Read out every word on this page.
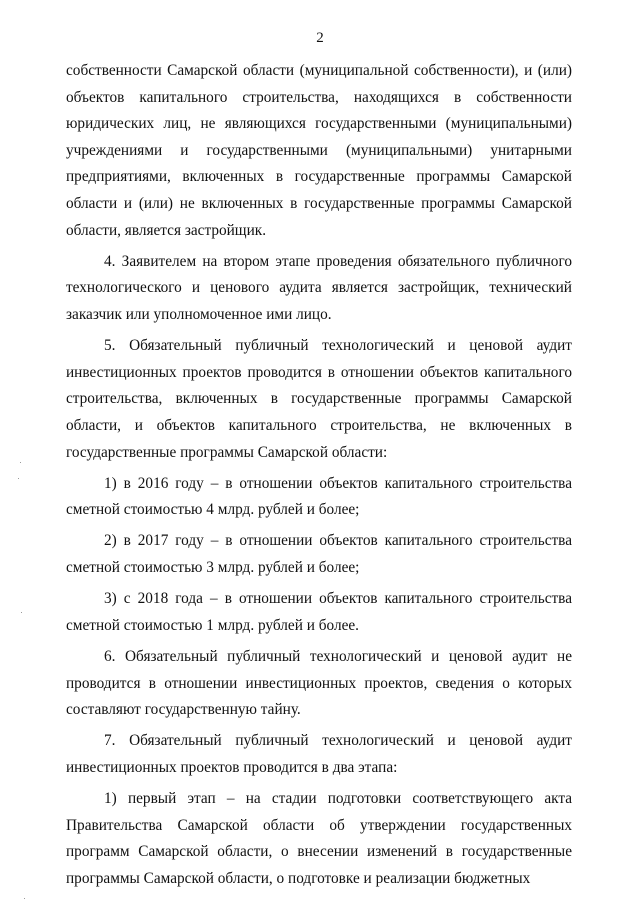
2

собственности Самарской области (муниципальной собственности), и (или) объектов капитального строительства, находящихся в собственности юридических лиц, не являющихся государственными (муниципальными) учреждениями и государственными (муниципальными) унитарными предприятиями, включенных в государственные программы Самарской области и (или) не включенных в государственные программы Самарской области, является застройщик.

4. Заявителем на втором этапе проведения обязательного публичного технологического и ценового аудита является застройщик, технический заказчик или уполномоченное ими лицо.

5. Обязательный публичный технологический и ценовой аудит инвестиционных проектов проводится в отношении объектов капитального строительства, включенных в государственные программы Самарской области, и объектов капитального строительства, не включенных в государственные программы Самарской области:

1) в 2016 году – в отношении объектов капитального строительства сметной стоимостью 4 млрд. рублей и более;

2) в 2017 году – в отношении объектов капитального строительства сметной стоимостью 3 млрд. рублей и более;

3) с 2018 года – в отношении объектов капитального строительства сметной стоимостью 1 млрд. рублей и более.

6. Обязательный публичный технологический и ценовой аудит не проводится в отношении инвестиционных проектов, сведения о которых составляют государственную тайну.

7. Обязательный публичный технологический и ценовой аудит инвестиционных проектов проводится в два этапа:

1) первый этап – на стадии подготовки соответствующего акта Правительства Самарской области об утверждении государственных программ Самарской области, о внесении изменений в государственные программы Самарской области, о подготовке и реализации бюджетных
